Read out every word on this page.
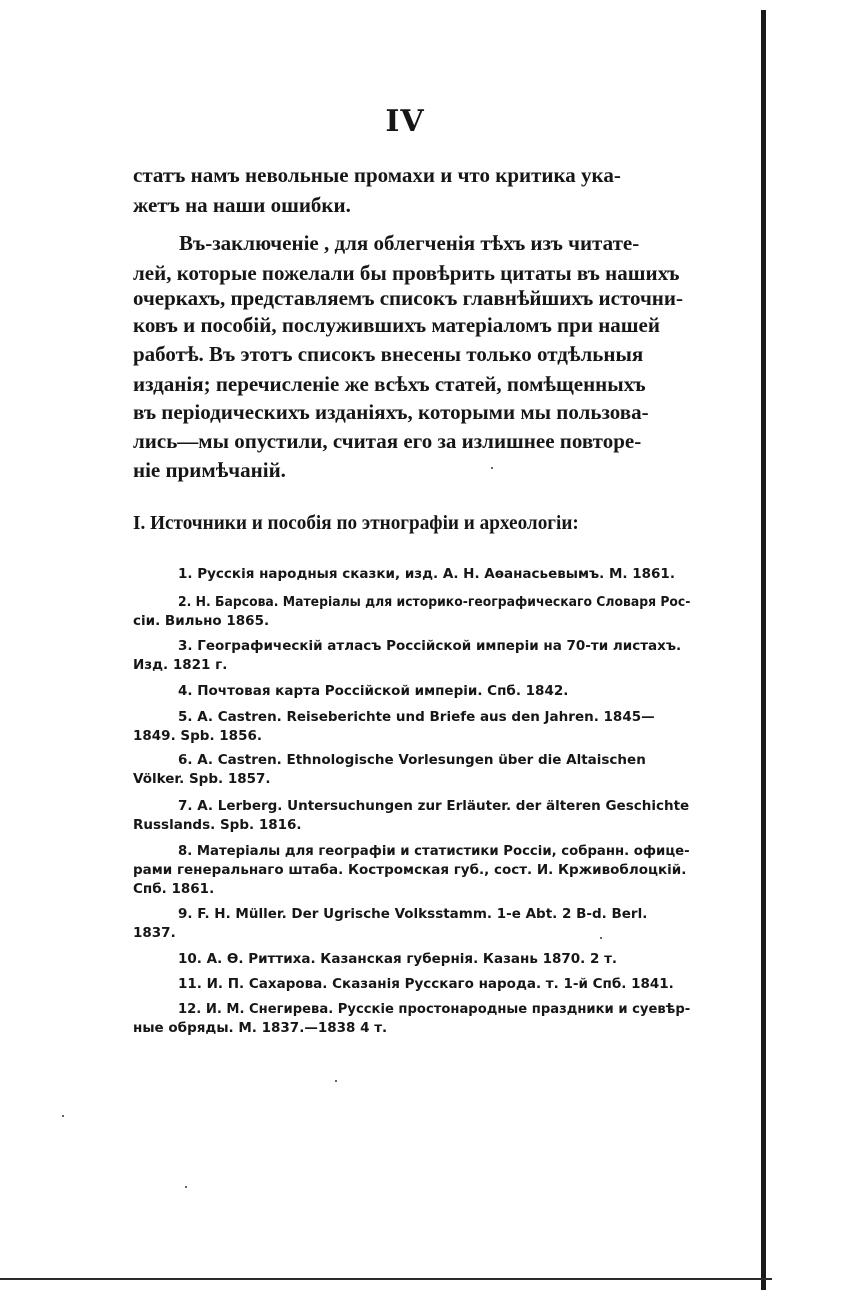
IV
статъ намъ невольные промахи и что критика ука-
жетъ на наши ошибки.
Въ-заключеніе , для облегченія тѣхъ изъ читате-
лей, которые пожелали бы провѣрить цитаты въ нашихъ
очеркахъ, представляемъ списокъ главнѣйшихъ источни-
ковъ и пособій, послужившихъ матеріаломъ при нашей
работѣ. Въ этотъ списокъ внесены только отдѣльныя
изданія; перечисленіе же всѣхъ статей, помѣщенныхъ
въ періодическихъ изданіяхъ, которыми мы пользова-
лись—мы опустили, считая его за излишнее повторе-
ніе примѣчаній.
I. Источники и пособія по этнографіи и археологіи:
1. Русскія народныя сказки, изд. А. Н. Аѳанасьевымъ. М. 1861.
2. Н. Барсова. Матеріалы для историко-географическаго Словаря Рос-
сіи. Вильно 1865.
3. Географическій атласъ Россійской имперіи на 70-ти листахъ.
Изд. 1821 г.
4. Почтовая карта Россійской имперіи. Спб. 1842.
5. A. Castren. Reiseberichte und Briefe aus den Jahren. 1845—
1849. Spb. 1856.
6. A. Castren. Ethnologische Vorlesungen über die Altaischen
Völker. Spb. 1857.
7. A. Lerberg. Untersuchungen zur Erläuter. der älteren Geschichte
Russlands. Spb. 1816.
8. Матеріалы для географіи и статистики Россіи, собранн. офице-
рами генеральнаго штаба. Костромская губ., сост. И. Крживоблоцкій.
Спб. 1861.
9. F. H. Müller. Der Ugrische Volksstamm. 1-е Abt. 2 B-d. Berl.
1837.
10. А. Ѳ. Риттиха. Казанская губернія. Казань 1870. 2 т.
11. И. П. Сахарова. Сказанія Русскаго народа. т. 1-й Спб. 1841.
12. И. М. Снегирева. Русскіе простонародные праздники и суевѣр-
ные обряды. М. 1837.—1838 4 т.
